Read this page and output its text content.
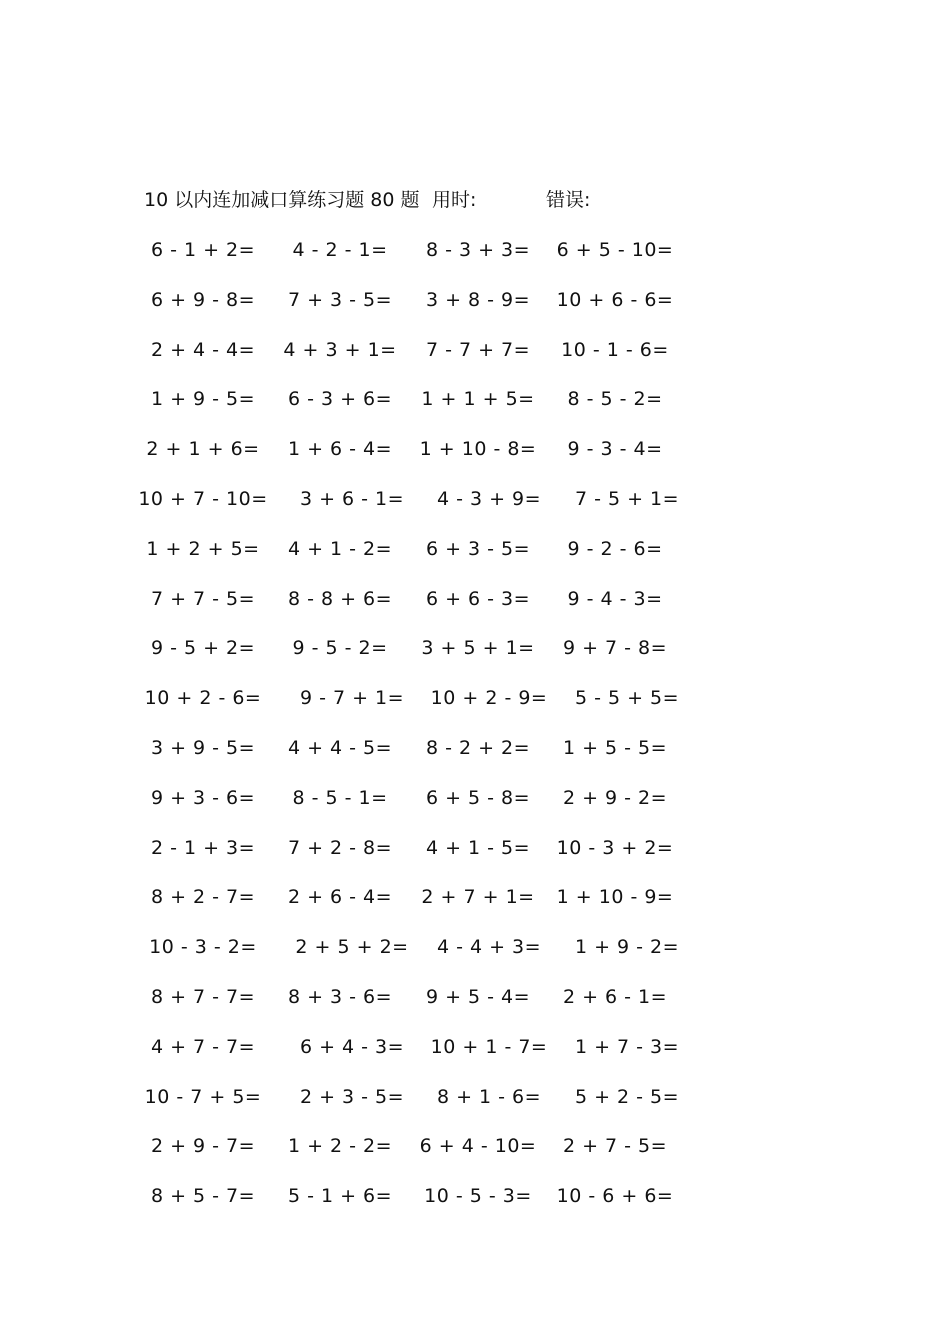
10 以内连加减口算练习题 80 题 用时:	错误:
6 - 1 + 2=	4 - 2 - 1=	8 - 3 + 3=	6 + 5 - 10=
6 + 9 - 8=	7 + 3 - 5=	3 + 8 - 9=	10 + 6 - 6=
2 + 4 - 4=	4 + 3 + 1=	7 - 7 + 7=	10 - 1 - 6=
1 + 9 - 5=	6 - 3 + 6=	1 + 1 + 5=	8 - 5 - 2=
2 + 1 + 6=	1 + 6 - 4=	1 + 10 - 8=	9 - 3 - 4=
10 + 7 - 10=	3 + 6 - 1=	4 - 3 + 9=	7 - 5 + 1=
1 + 2 + 5=	4 + 1 - 2=	6 + 3 - 5=	9 - 2 - 6=
7 + 7 - 5=	8 - 8 + 6=	6 + 6 - 3=	9 - 4 - 3=
9 - 5 + 2=	9 - 5 - 2=	3 + 5 + 1=	9 + 7 - 8=
10 + 2 - 6=	9 - 7 + 1=	10 + 2 - 9=	5 - 5 + 5=
3 + 9 - 5=	4 + 4 - 5=	8 - 2 + 2=	1 + 5 - 5=
9 + 3 - 6=	8 - 5 - 1=	6 + 5 - 8=	2 + 9 - 2=
2 - 1 + 3=	7 + 2 - 8=	4 + 1 - 5=	10 - 3 + 2=
8 + 2 - 7=	2 + 6 - 4=	2 + 7 + 1=	1 + 10 - 9=
10 - 3 - 2=	2 + 5 + 2=	4 - 4 + 3=	1 + 9 - 2=
8 + 7 - 7=	8 + 3 - 6=	9 + 5 - 4=	2 + 6 - 1=
4 + 7 - 7=	6 + 4 - 3=	10 + 1 - 7=	1 + 7 - 3=
10 - 7 + 5=	2 + 3 - 5=	8 + 1 - 6=	5 + 2 - 5=
2 + 9 - 7=	1 + 2 - 2=	6 + 4 - 10=	2 + 7 - 5=
8 + 5 - 7=	5 - 1 + 6=	10 - 5 - 3=	10 - 6 + 6=
